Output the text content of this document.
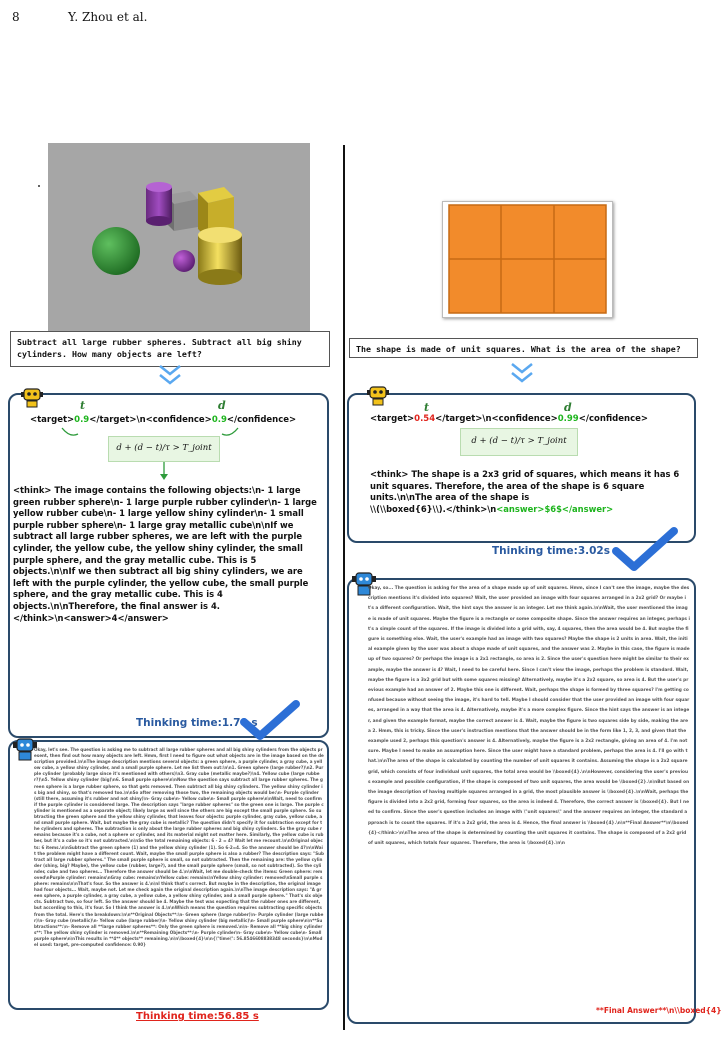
8	Y. Zhou et al.
Subtract all large rubber spheres. Subtract all big shiny cylinders. How many objects are left?
t	d
<target>0.9</target>\n<confidence>0.9</confidence>
d + (d − t)/τ > T_joint
<think> The image contains the following objects:\n- 1 large green rubber sphere\n- 1 large purple rubber cylinder\n- 1 large yellow rubber cube\n- 1 large yellow shiny cylinder\n- 1 small purple rubber sphere\n- 1 large gray metallic cube\n\nIf we subtract all large rubber spheres, we are left with the purple cylinder, the yellow cube, the yellow shiny cylinder, the small purple sphere, and the gray metallic cube. This is 5 objects.\n\nIf we then subtract all big shiny cylinders, we are left with the purple cylinder, the yellow cube, the small purple sphere, and the gray metallic cube. This is 4 objects.\n\nTherefore, the final answer is 4.</think>\n<answer>4</answer>
Thinking time:1.70 s
Okay, let's see. The question is asking me to subtract all large rubber spheres and all big shiny cylinders from the objects present, then find out how many objects are left. Hmm, first I need to figure out what objects are in the image based on the description provided.\n\nThe image description mentions several objects: a green sphere, a purple cylinder, a gray cube, a yellow cube, a yellow shiny cylinder, and a small purple sphere. Let me list them out:\n\n1. Green sphere (large rubber?)\n2. Purple cylinder (probably large since it's mentioned with others)\n3. Gray cube (metallic maybe?)\n4. Yellow cube (large rubber?)\n5. Yellow shiny cylinder (big)\n6. Small purple sphere\n\nNow the question says subtract all large rubber spheres. The green sphere is a large rubber sphere, so that gets removed. Then subtract all big shiny cylinders. The yellow shiny cylinder is big and shiny, so that's removed too.\n\nSo after removing those two, the remaining objects would be:\n- Purple cylinder (still there, assuming it's rubber and not shiny)\n- Gray cube\n- Yellow cube\n- Small purple sphere\n\nWait, need to confirm if the purple cylinder is considered large. The description says "large rubber spheres" so the green one is large. The purple cylinder is mentioned as a separate object; likely large as well since the others are big except the small purple sphere. So subtracting the green sphere and the yellow shiny cylinder, that leaves four objects: purple cylinder, gray cube, yellow cube, and small purple sphere. Wait, but maybe the gray cube is metallic? The question didn't specify it for subtraction except for the cylinders and spheres. The subtraction is only about the large rubber spheres and big shiny cylinders. So the gray cube remains because it's a cube, not a sphere or cylinder, and its material might not matter here. Similarly, the yellow cube is rubber, but it's a cube so it's not subtracted.\n\nSo the total remaining objects: 6 - 2 = 4? Wait let me recount.\n\nOriginal objects: 6 items.\n\nSubtract the green sphere (1) and the yellow shiny cylinder (1). So 6-2=4. So the answer should be 4?\n\nWait the problem might have a different count. Wait, maybe the small purple sphere is also a rubber? The description says: "Subtract all large rubber spheres." The small purple sphere is small, so not subtracted. Then the remaining are: the yellow cylinder (shiny, big? Maybe), the yellow cube (rubber, large?), and the small purple sphere (small, so not subtracted). So the cylinder, cube and two spheres... Therefore the answer should be 4.\n\nWait, let me double-check the items: Green sphere: removed\nPurple cylinder: remains\nGray cube: remains\nYellow cube: remains\nYellow shiny cylinder: removed\nSmall purple sphere: remains\n\nThat's four. So the answer is 4.\n\nI think that's correct. But maybe in the description, the original image had four objects... Wait, maybe not. Let me check again the original description again.\n\nThe image description says: "A green sphere, a purple cylinder, a gray cube, a yellow cube, a yellow shiny cylinder, and a small purple sphere." That's six objects. Subtract two, so four left. So the answer should be 4. Maybe the test was expecting that the rubber ones are different, but according to this, it's four. So I think the answer is 4.\n\nWhich means the question requires subtracting specific objects from the total. Here's the breakdown:\n\n**Original Objects**:\n- Green sphere (large rubber)\n- Purple cylinder (large rubber)\n- Gray cube (metallic)\n- Yellow cube (large rubber)\n- Yellow shiny cylinder (big metallic)\n- Small purple sphere\n\n**Subtractions**:\n- Remove all **large rubber spheres**: Only the green sphere is removed.\n\n- Remove all **big shiny cylinders**: The yellow shiny cylinder is removed.\n\n**Remaining Objects**:\n- Purple cylinder\n- Gray cube\n- Yellow cube\n- Small purple sphere\n\nThis results in **4** objects** remaining.\n\n\\boxed{4}\n\n{\"time\": 56.8546608838348 seconds}\n\nModel used: target, pre-computed confidence: 0.90}
Thinking time:56.85 s
The shape is made of unit squares. What is the area of the shape?
t	d
<target>0.54</target>\n<confidence>0.99</confidence>
d + (d − t)/τ > T_joint
<think> The shape is a 2x3 grid of squares, which means it has 6 unit squares. Therefore, the area of the shape is 6 square units.\n\nThe area of the shape is
\\(\\boxed{6}\\).</think>\n<answer>$6$</answer>
Thinking time:3.02s
Okay, so... The question is asking for the area of a shape made up of unit squares. Hmm, since I can't see the image, maybe the description mentions it's divided into squares? Wait, the user provided an image with four squares arranged in a 2x2 grid? Or maybe it's a different configuration. Wait, the hint says the answer is an integer. Let me think again.\n\nWait, the user mentioned the image is made of unit squares. Maybe the figure is a rectangle or some composite shape. Since the answer requires an integer, perhaps it's a simple count of the squares. If the image is divided into a grid with, say, 4 squares, then the area would be 4. But maybe the figure is something else. Wait, the user's example had an image with two squares? Maybe the shape is 2 units in area. Wait, the initial example given by the user was about a shape made of unit squares, and the answer was 2. Maybe in this case, the figure is made up of two squares? Or perhaps the image is a 2x1 rectangle, so area is 2. Since the user's question here might be similar to their example, maybe the answer is 4? Wait, I need to be careful here. Since I can't view the image, perhaps the problem is standard. Wait, maybe the figure is a 3x2 grid but with some squares missing? Alternatively, maybe it's a 2x2 square, so area is 4. But the user's previous example had an answer of 2. Maybe this one is different. Wait, perhaps the shape is formed by three squares? I'm getting confused because without seeing the image, it's hard to tell. Maybe I should consider that the user provided an image with four squares, arranged in a way that the area is 4. Alternatively, maybe it's a more complex figure. Since the hint says the answer is an integer, and given the example format, maybe the correct answer is 4. Wait, maybe the figure is two squares side by side, making the area 2. Hmm, this is tricky. Since the user's instruction mentions that the answer should be in the form like 1, 2, 3, and given that the example used 2, perhaps this question's answer is 4. Alternatively, maybe the figure is a 2x2 rectangle, giving an area of 4. I'm not sure. Maybe I need to make an assumption here. Since the user might have a standard problem, perhaps the area is 4. I'll go with that.\n\nThe area of the shape is calculated by counting the number of unit squares it contains. Assuming the shape is a 2x2 square grid, which consists of four individual unit squares, the total area would be \\boxed{4}.\n\nHowever, considering the user's previous example and possible configuration, if the shape is composed of two unit squares, the area would be \\boxed{2}.\n\nBut based on the image description of having multiple squares arranged in a grid, the most plausible answer is \\boxed{4}.\n\nWait, perhaps the figure is divided into a 2x2 grid, forming four squares, so the area is indeed 4. Therefore, the correct answer is \\boxed{4}. But I need to confirm. Since the user's question includes an image with \"unit squares\" and the answer requires an integer, the standard approach is to count the squares. If it's a 2x2 grid, the area is 4. Hence, the final answer is \\boxed{4}.\n\n**Final Answer**\n\\boxed{4}</think>\n\nThe area of the shape is determined by counting the unit squares it contains. The shape is composed of a 2x2 grid of unit squares, which totals four squares. Therefore, the area is \\boxed{4}.\n\n
**Final Answer**\n\\boxed{4}
